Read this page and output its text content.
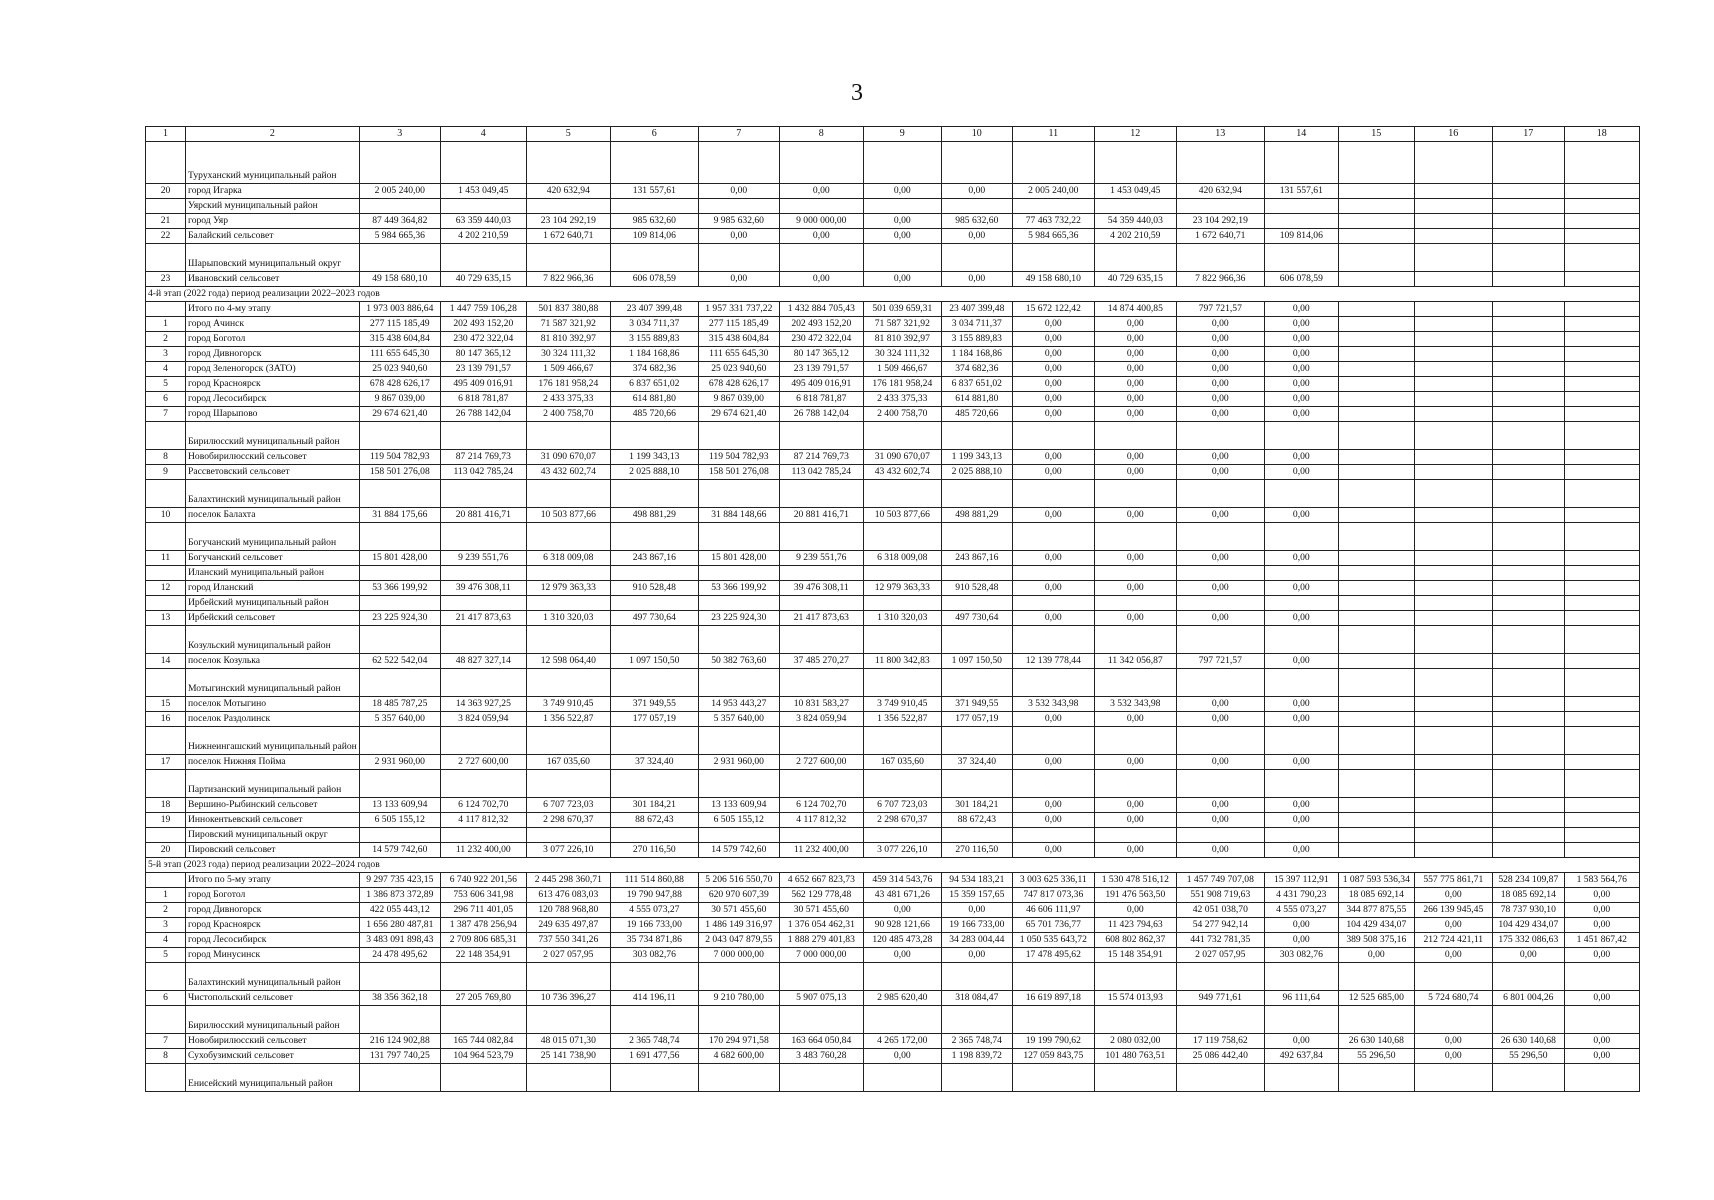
3
1	2	3	4	5	6	7	8	9	10	11	12	13	14	15	16	17	18
	Туруханский муниципальный район																
20	город Игарка	2 005 240,00	1 453 049,45	420 632,94	131 557,61	0,00	0,00	0,00	0,00	2 005 240,00	1 453 049,45	420 632,94	131 557,61				
	Уярский муниципальный район																
21	город Уяр	87 449 364,82	63 359 440,03	23 104 292,19	985 632,60	9 985 632,60	9 000 000,00	0,00	985 632,60	77 463 732,22	54 359 440,03	23 104 292,19					
22	Балайский сельсовет	5 984 665,36	4 202 210,59	1 672 640,71	109 814,06	0,00	0,00	0,00	0,00	5 984 665,36	4 202 210,59	1 672 640,71	109 814,06				
	Шарыповский муниципальный округ																
23	Ивановский сельсовет	49 158 680,10	40 729 635,15	7 822 966,36	606 078,59	0,00	0,00	0,00	0,00	49 158 680,10	40 729 635,15	7 822 966,36	606 078,59				
4-й этап (2022 года) период реализации 2022–2023 годов																	
	Итого по 4-му этапу	1 973 003 886,64	1 447 759 106,28	501 837 380,88	23 407 399,48	1 957 331 737,22	1 432 884 705,43	501 039 659,31	23 407 399,48	15 672 122,42	14 874 400,85	797 721,57	0,00				
1	город Ачинск	277 115 185,49	202 493 152,20	71 587 321,92	3 034 711,37	277 115 185,49	202 493 152,20	71 587 321,92	3 034 711,37	0,00	0,00	0,00	0,00				
2	город Боготол	315 438 604,84	230 472 322,04	81 810 392,97	3 155 889,83	315 438 604,84	230 472 322,04	81 810 392,97	3 155 889,83	0,00	0,00	0,00	0,00				
3	город Дивногорск	111 655 645,30	80 147 365,12	30 324 111,32	1 184 168,86	111 655 645,30	80 147 365,12	30 324 111,32	1 184 168,86	0,00	0,00	0,00	0,00				
4	город Зеленогорск (ЗАТО)	25 023 940,60	23 139 791,57	1 509 466,67	374 682,36	25 023 940,60	23 139 791,57	1 509 466,67	374 682,36	0,00	0,00	0,00	0,00				
5	город Красноярск	678 428 626,17	495 409 016,91	176 181 958,24	6 837 651,02	678 428 626,17	495 409 016,91	176 181 958,24	6 837 651,02	0,00	0,00	0,00	0,00				
6	город Лесосибирск	9 867 039,00	6 818 781,87	2 433 375,33	614 881,80	9 867 039,00	6 818 781,87	2 433 375,33	614 881,80	0,00	0,00	0,00	0,00				
7	город Шарыпово	29 674 621,40	26 788 142,04	2 400 758,70	485 720,66	29 674 621,40	26 788 142,04	2 400 758,70	485 720,66	0,00	0,00	0,00	0,00				
	Бирилюсский муниципальный район																
8	Новобирилюсский сельсовет	119 504 782,93	87 214 769,73	31 090 670,07	1 199 343,13	119 504 782,93	87 214 769,73	31 090 670,07	1 199 343,13	0,00	0,00	0,00	0,00				
9	Рассветовский сельсовет	158 501 276,08	113 042 785,24	43 432 602,74	2 025 888,10	158 501 276,08	113 042 785,24	43 432 602,74	2 025 888,10	0,00	0,00	0,00	0,00				
	Балахтинский муниципальный район																
10	поселок Балахта	31 884 175,66	20 881 416,71	10 503 877,66	498 881,29	31 884 148,66	20 881 416,71	10 503 877,66	498 881,29	0,00	0,00	0,00	0,00				
	Богучанский муниципальный район																
11	Богучанский сельсовет	15 801 428,00	9 239 551,76	6 318 009,08	243 867,16	15 801 428,00	9 239 551,76	6 318 009,08	243 867,16	0,00	0,00	0,00	0,00				
	Иланский муниципальный район																
12	город Иланский	53 366 199,92	39 476 308,11	12 979 363,33	910 528,48	53 366 199,92	39 476 308,11	12 979 363,33	910 528,48	0,00	0,00	0,00	0,00				
	Ирбейский муниципальный район																
13	Ирбейский сельсовет	23 225 924,30	21 417 873,63	1 310 320,03	497 730,64	23 225 924,30	21 417 873,63	1 310 320,03	497 730,64	0,00	0,00	0,00	0,00				
	Козульский муниципальный район																
14	поселок Козулька	62 522 542,04	48 827 327,14	12 598 064,40	1 097 150,50	50 382 763,60	37 485 270,27	11 800 342,83	1 097 150,50	12 139 778,44	11 342 056,87	797 721,57	0,00				
	Мотыгинский муниципальный район																
15	поселок Мотыгино	18 485 787,25	14 363 927,25	3 749 910,45	371 949,55	14 953 443,27	10 831 583,27	3 749 910,45	371 949,55	3 532 343,98	3 532 343,98	0,00	0,00				
16	поселок Раздолинск	5 357 640,00	3 824 059,94	1 356 522,87	177 057,19	5 357 640,00	3 824 059,94	1 356 522,87	177 057,19	0,00	0,00	0,00	0,00				
	Нижнеингашский муниципальный район																
17	поселок Нижняя Пойма	2 931 960,00	2 727 600,00	167 035,60	37 324,40	2 931 960,00	2 727 600,00	167 035,60	37 324,40	0,00	0,00	0,00	0,00				
	Партизанский муниципальный район																
18	Вершино-Рыбинский сельсовет	13 133 609,94	6 124 702,70	6 707 723,03	301 184,21	13 133 609,94	6 124 702,70	6 707 723,03	301 184,21	0,00	0,00	0,00	0,00				
19	Иннокентьевский сельсовет	6 505 155,12	4 117 812,32	2 298 670,37	88 672,43	6 505 155,12	4 117 812,32	2 298 670,37	88 672,43	0,00	0,00	0,00	0,00				
	Пировский муниципальный округ																
20	Пировский сельсовет	14 579 742,60	11 232 400,00	3 077 226,10	270 116,50	14 579 742,60	11 232 400,00	3 077 226,10	270 116,50	0,00	0,00	0,00	0,00				
5-й этап (2023 года) период реализации 2022–2024 годов																	
	Итого по 5-му этапу	9 297 735 423,15	6 740 922 201,56	2 445 298 360,71	111 514 860,88	5 206 516 550,70	4 652 667 823,73	459 314 543,76	94 534 183,21	3 003 625 336,11	1 530 478 516,12	1 457 749 707,08	15 397 112,91	1 087 593 536,34	557 775 861,71	528 234 109,87	1 583 564,76
1	город Боготол	1 386 873 372,89	753 606 341,98	613 476 083,03	19 790 947,88	620 970 607,39	562 129 778,48	43 481 671,26	15 359 157,65	747 817 073,36	191 476 563,50	551 908 719,63	4 431 790,23	18 085 692,14	0,00	18 085 692,14	0,00
2	город Дивногорск	422 055 443,12	296 711 401,05	120 788 968,80	4 555 073,27	30 571 455,60	30 571 455,60	0,00	0,00	46 606 111,97	0,00	42 051 038,70	4 555 073,27	344 877 875,55	266 139 945,45	78 737 930,10	0,00
3	город Красноярск	1 656 280 487,81	1 387 478 256,94	249 635 497,87	19 166 733,00	1 486 149 316,97	1 376 054 462,31	90 928 121,66	19 166 733,00	65 701 736,77	11 423 794,63	54 277 942,14	0,00	104 429 434,07	0,00	104 429 434,07	0,00
4	город Лесосибирск	3 483 091 898,43	2 709 806 685,31	737 550 341,26	35 734 871,86	2 043 047 879,55	1 888 279 401,83	120 485 473,28	34 283 004,44	1 050 535 643,72	608 802 862,37	441 732 781,35	0,00	389 508 375,16	212 724 421,11	175 332 086,63	1 451 867,42
5	город Минусинск	24 478 495,62	22 148 354,91	2 027 057,95	303 082,76	7 000 000,00	7 000 000,00	0,00	0,00	17 478 495,62	15 148 354,91	2 027 057,95	303 082,76	0,00	0,00	0,00	0,00
	Балахтинский муниципальный район																
6	Чистопольский сельсовет	38 356 362,18	27 205 769,80	10 736 396,27	414 196,11	9 210 780,00	5 907 075,13	2 985 620,40	318 084,47	16 619 897,18	15 574 013,93	949 771,61	96 111,64	12 525 685,00	5 724 680,74	6 801 004,26	0,00
	Бирилюсский муниципальный район																
7	Новобирилюсский сельсовет	216 124 902,88	165 744 082,84	48 015 071,30	2 365 748,74	170 294 971,58	163 664 050,84	4 265 172,00	2 365 748,74	19 199 790,62	2 080 032,00	17 119 758,62	0,00	26 630 140,68	0,00	26 630 140,68	0,00
8	Сухобузимский сельсовет	131 797 740,25	104 964 523,79	25 141 738,90	1 691 477,56	4 682 600,00	3 483 760,28	0,00	1 198 839,72	127 059 843,75	101 480 763,51	25 086 442,40	492 637,84	55 296,50	0,00	55 296,50	0,00
	Енисейский муниципальный район																
